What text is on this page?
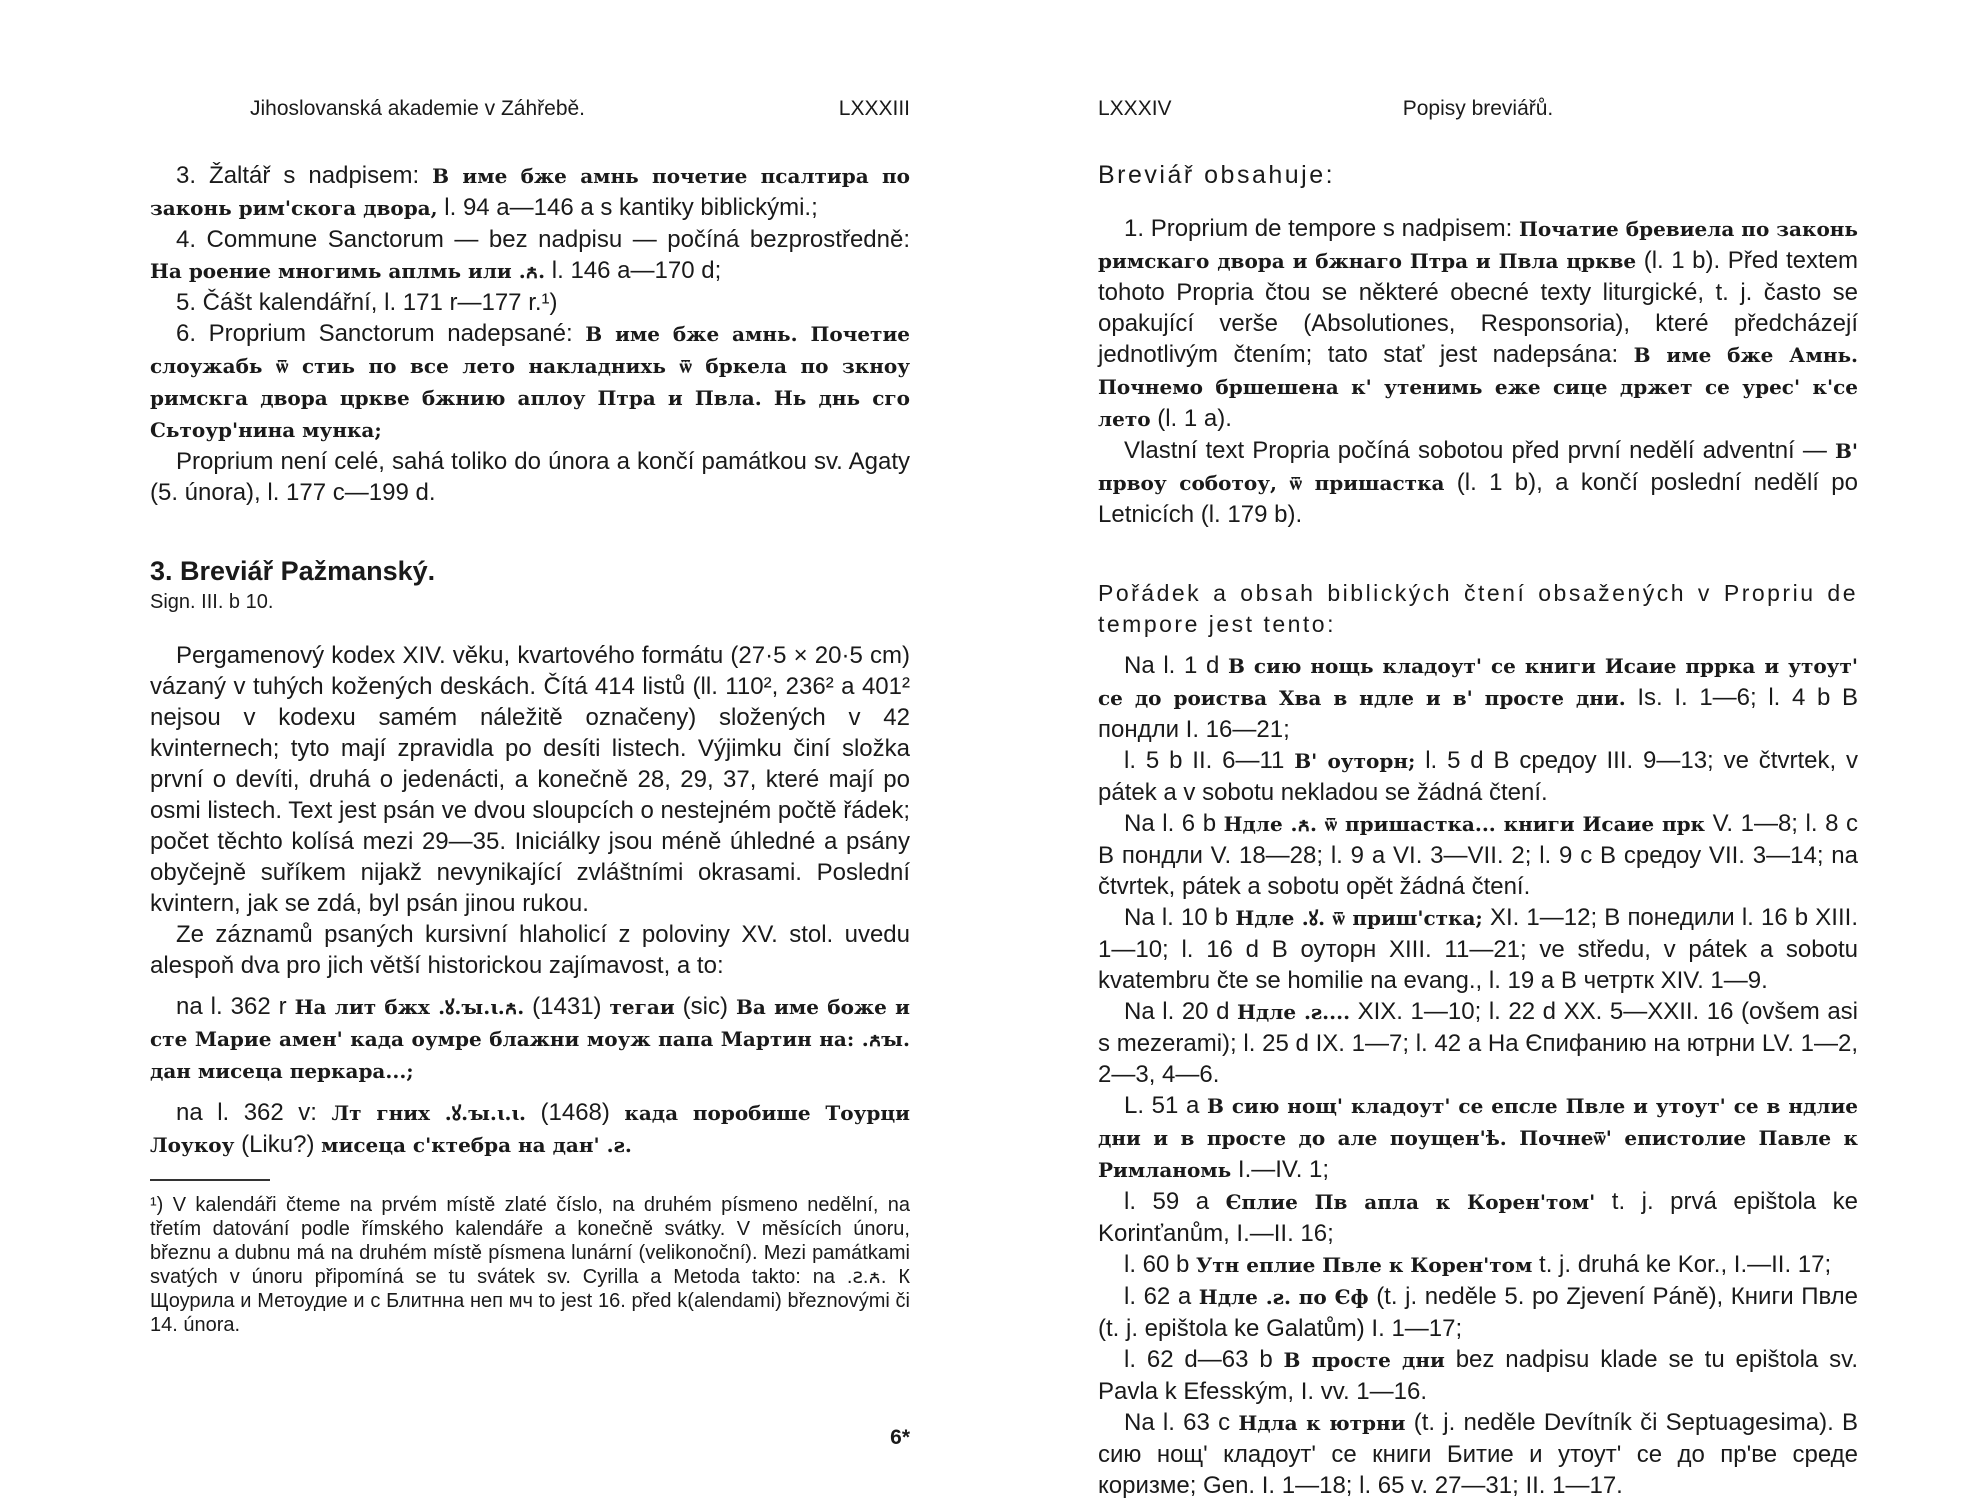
Jihoslovanská akademie v Záhřebě.	LXXXIII

3. Žaltář s nadpisem: В име бже амнь почетие псалтира по законь рим'скога двора, l. 94 a—146 a s kantiky biblickými.;

4. Commune Sanctorum — bez nadpisu — počíná bezprostředně: На роение многимь аплмь или .ꙉ. l. 146 a—170 d;

5. Čášt kalendářní, l. 171 r—177 r.¹)

6. Proprium Sanctorum nadepsané: В име бже амнь. Почетие слоужабь ѿ стиь по все лето накладнихь ѿ бркела по зкноу римскга двора цркве бжнию аплоу Птра и Пвла. Нь днь сго Сьтоур'нина мунка;

Proprium není celé, sahá toliko do února a končí památkou sv. Agaty (5. února), l. 177 c—199 d.

3. Breviář Pažmanský.

Sign. III. b 10.

Pergamenový kodex XIV. věku, kvartového formátu (27·5 × 20·5 cm) vázaný v tuhých kožených deskách. Čítá 414 listů (ll. 110², 236² a 401² nejsou v kodexu samém náležitě označeny) složených v 42 kvinternech; tyto mají zpravidla po desíti listech. Výjimku činí složka první o devíti, druhá o jedenácti, a konečně 28, 29, 37, které mají po osmi listech. Text jest psán ve dvou sloupcích o nestejném počtě řádek; počet těchto kolísá mezi 29—35. Iniciálky jsou méně úhledné a psány obyčejně suříkem nijakž nevynikající zvláštními okrasami. Poslední kvintern, jak se zdá, byl psán jinou rukou.

Ze záznamů psaných kursivní hlaholicí z poloviny XV. stol. uvedu alespoň dva pro jich větší historickou zajímavost, a to:

na l. 362 r На лит бжх .ꙋ.ꙑ.ꙇ.ꙉ. (1431) тегаи (sic) Ва име боже и сте Марие амен' када оумре блажни моуж папа Мартин на: .ꙉꙑ. дан мисеца перкара...;

na l. 362 v: Лт гних .ꙋ.ꙑ.ꙇ.ꙇ. (1468) када поробише Тоурци Лоукоу (Liku?) мисеца с'ктебра на дан' .ꙅ.

¹) V kalendáři čteme na prvém místě zlaté číslo, na druhém písmeno nedělní, na třetím datování podle římského kalendáře a konečně svátky. V měsících únoru, březnu a dubnu má na druhém místě písmena lunární (velikonoční). Mezi památkami svatých v únoru připomíná se tu svátek sv. Cyrilla a Metoda takto: na .ꙅ.ꙉ. К Щоурила и Метоудие и с Блитнна неп мч to jest 16. před k(alendami) březnovými či 14. února.

6*
LXXXIV	Popisy breviářů.

Breviář obsahuje:

1. Proprium de tempore s nadpisem: Початие бревиела по законь римскаго двора и бжнаго Птра и Пвла цркве (l. 1 b). Před textem tohoto Propria čtou se některé obecné texty liturgické, t. j. často se opakující verše (Absolutiones, Responsoria), které předcházejí jednotlivým čtením; tato stať jest nadepsána: В име бже Амнь. Почнемо бршешена к' утенимь еже сице држет се урес' к'се лето (l. 1 a).

Vlastní text Propria počíná sobotou před první nedělí adventní — В' првоу соботоу, ѿ пришастка (l. 1 b), a končí poslední nedělí po Letnicích (l. 179 b).

Pořádek a obsah biblických čtení obsažených v Propriu de tempore jest tento:

Na l. 1 d В сию нощь кладоут' се книги Исаие пррка и утоут' се до роиства Хва в ндле и в' просте дни. Is. I. 1—6; l. 4 b В пондли I. 16—21;

l. 5 b II. 6—11 В' оуторн; l. 5 d В средоу III. 9—13; ve čtvrtek, v pátek a v sobotu nekladou se žádná čtení.

Na l. 6 b Ндле .ꙉ. ѿ пришастка... книги Исаие прк V. 1—8; l. 8 c В пондли V. 18—28; l. 9 a VI. 3—VII. 2; l. 9 c В средоу VII. 3—14; na čtvrtek, pátek a sobotu opět žádná čtení.

Na l. 10 b Ндле .ꙋ. ѿ приш'стка; XI. 1—12; В понедили l. 16 b XIII. 1—10; l. 16 d В оуторн XIII. 11—21; ve středu, v pátek a sobotu kvatembru čte se homilie na evang., l. 19 a В четртк XIV. 1—9.

Na l. 20 d Ндле .ꙅ.... XIX. 1—10; l. 22 d XX. 5—XXII. 16 (ovšem asi s mezerami); l. 25 d IX. 1—7; l. 42 a На Єпифанию на ютрни LV. 1—2, 2—3, 4—6.

L. 51 a В сию нощ' кладоут' се епсле Пвле и утоут' се в ндлие дни и в просте до але поущен'ѣ. Почнеѿ' епистолие Павле к Римланомь I.—IV. 1;

l. 59 a Єплие Пв апла к Корен'том' t. j. prvá epištola ke Korinťanům, I.—II. 16;

l. 60 b Утн еплие Пвле к Корен'том t. j. druhá ke Kor., I.—II. 17;

l. 62 a Ндле .ꙅ. по Єф (t. j. neděle 5. po Zjevení Páně), Книги Пвле (t. j. epištola ke Galatům) I. 1—17;

l. 62 d—63 b В просте дни bez nadpisu klade se tu epištola sv. Pavla k Efesským, I. vv. 1—16.

Na l. 63 c Ндла к ютрни (t. j. neděle Devítník či Septuagesima). В сию нощ' кладоут' се книги Битие и утоут' се до пр'ве среде коризме; Gen. I. 1—18; l. 65 v. 27—31; II. 1—17.
